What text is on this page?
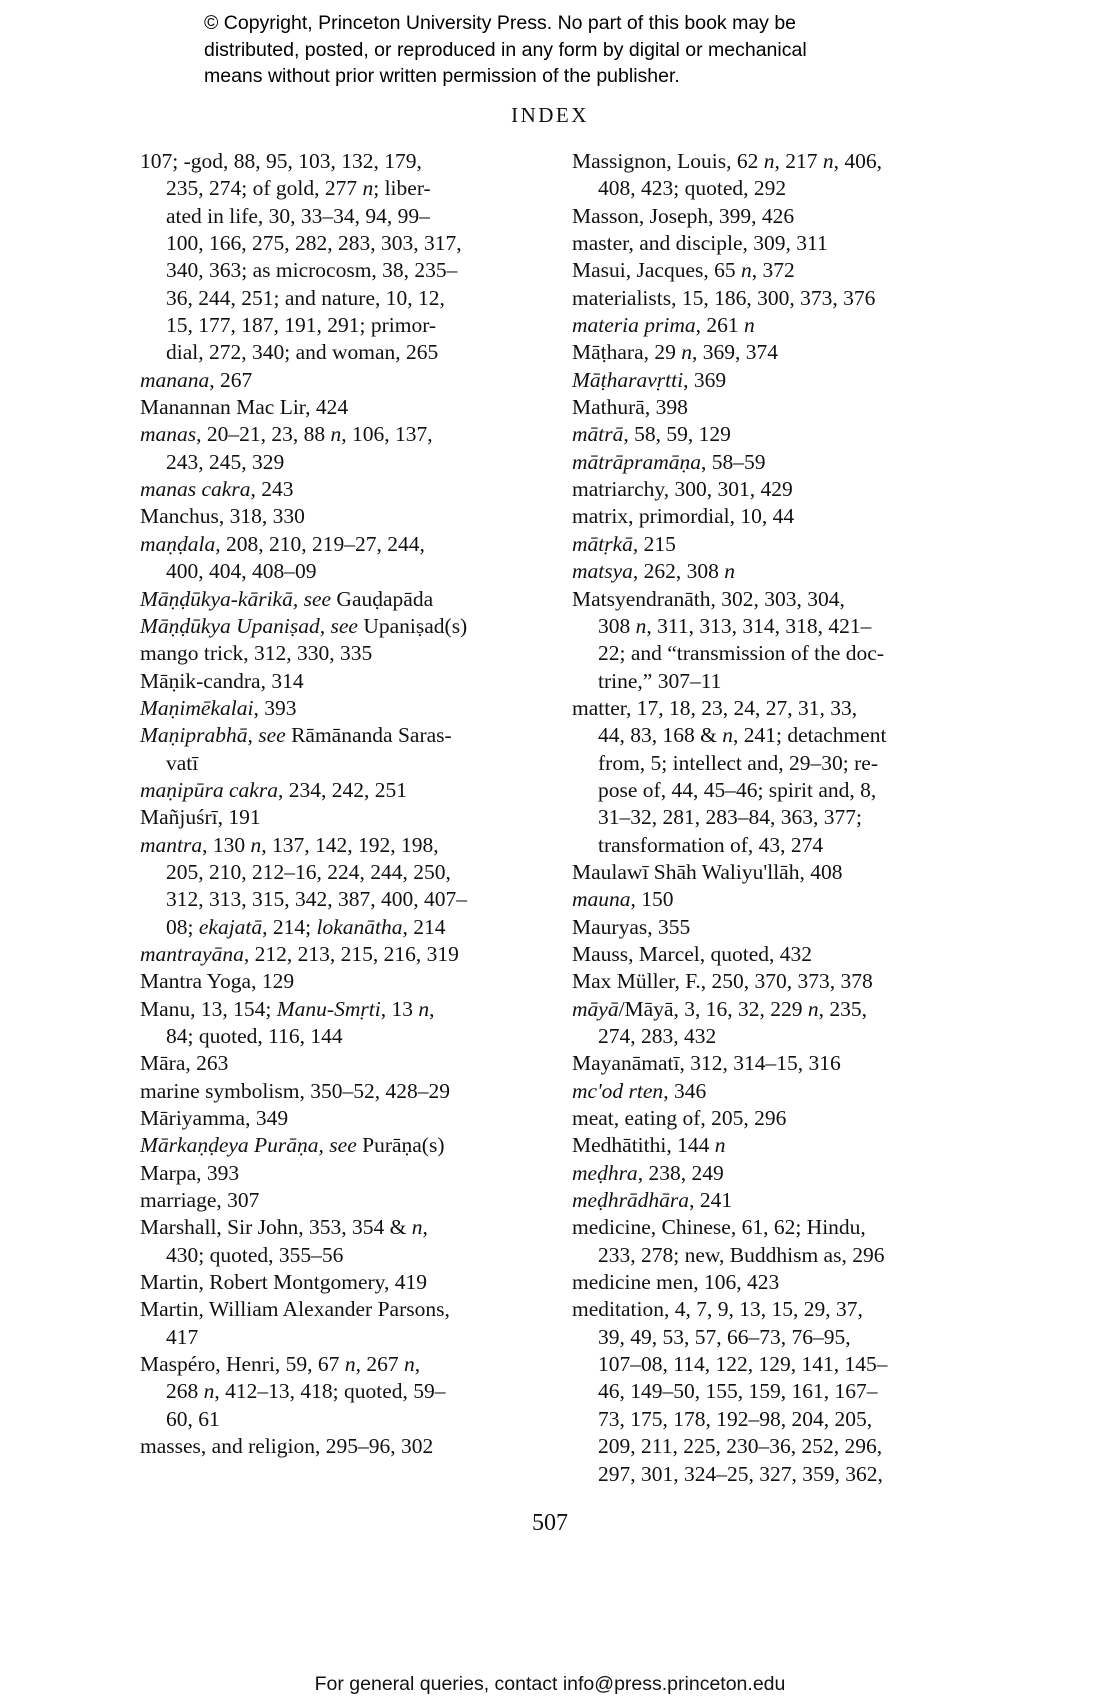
© Copyright, Princeton University Press. No part of this book may be
distributed, posted, or reproduced in any form by digital or mechanical
means without prior written permission of the publisher.
INDEX
107; -god, 88, 95, 103, 132, 179,
235, 274; of gold, 277 n; liber-
ated in life, 30, 33–34, 94, 99–
100, 166, 275, 282, 283, 303, 317,
340, 363; as microcosm, 38, 235–
36, 244, 251; and nature, 10, 12,
15, 177, 187, 191, 291; primor-
dial, 272, 340; and woman, 265
manana, 267
Manannan Mac Lir, 424
manas, 20–21, 23, 88 n, 106, 137,
243, 245, 329
manas cakra, 243
Manchus, 318, 330
maṇḍala, 208, 210, 219–27, 244,
400, 404, 408–09
Māṇḍūkya-kārikā, see Gauḍapāda
Māṇḍūkya Upaniṣad, see Upaniṣad(s)
mango trick, 312, 330, 335
Māṇik-candra, 314
Maṇimēkalai, 393
Maṇiprabhā, see Rāmānanda Saras-
vatī
maṇipūra cakra, 234, 242, 251
Mañjuśrī, 191
mantra, 130 n, 137, 142, 192, 198,
205, 210, 212–16, 224, 244, 250,
312, 313, 315, 342, 387, 400, 407–
08; ekajatā, 214; lokanātha, 214
mantrayāna, 212, 213, 215, 216, 319
Mantra Yoga, 129
Manu, 13, 154; Manu-Smṛti, 13 n,
84; quoted, 116, 144
Māra, 263
marine symbolism, 350–52, 428–29
Māriyamma, 349
Mārkaṇḍeya Purāṇa, see Purāṇa(s)
Marpa, 393
marriage, 307
Marshall, Sir John, 353, 354 & n,
430; quoted, 355–56
Martin, Robert Montgomery, 419
Martin, William Alexander Parsons,
417
Maspéro, Henri, 59, 67 n, 267 n,
268 n, 412–13, 418; quoted, 59–
60, 61
masses, and religion, 295–96, 302
Massignon, Louis, 62 n, 217 n, 406,
408, 423; quoted, 292
Masson, Joseph, 399, 426
master, and disciple, 309, 311
Masui, Jacques, 65 n, 372
materialists, 15, 186, 300, 373, 376
materia prima, 261 n
Māṭhara, 29 n, 369, 374
Māṭharavṛtti, 369
Mathurā, 398
mātrā, 58, 59, 129
mātrāpramāṇa, 58–59
matriarchy, 300, 301, 429
matrix, primordial, 10, 44
mātṛkā, 215
matsya, 262, 308 n
Matsyendranāth, 302, 303, 304,
308 n, 311, 313, 314, 318, 421–
22; and “transmission of the doc-
trine,” 307–11
matter, 17, 18, 23, 24, 27, 31, 33,
44, 83, 168 & n, 241; detachment
from, 5; intellect and, 29–30; re-
pose of, 44, 45–46; spirit and, 8,
31–32, 281, 283–84, 363, 377;
transformation of, 43, 274
Maulawī Shāh Waliyu'llāh, 408
mauna, 150
Mauryas, 355
Mauss, Marcel, quoted, 432
Max Müller, F., 250, 370, 373, 378
māyā/Māyā, 3, 16, 32, 229 n, 235,
274, 283, 432
Mayanāmatī, 312, 314–15, 316
mc'od rten, 346
meat, eating of, 205, 296
Medhātithi, 144 n
meḍhra, 238, 249
meḍhrādhāra, 241
medicine, Chinese, 61, 62; Hindu,
233, 278; new, Buddhism as, 296
medicine men, 106, 423
meditation, 4, 7, 9, 13, 15, 29, 37,
39, 49, 53, 57, 66–73, 76–95,
107–08, 114, 122, 129, 141, 145–
46, 149–50, 155, 159, 161, 167–
73, 175, 178, 192–98, 204, 205,
209, 211, 225, 230–36, 252, 296,
297, 301, 324–25, 327, 359, 362,
507
For general queries, contact info@press.princeton.edu
